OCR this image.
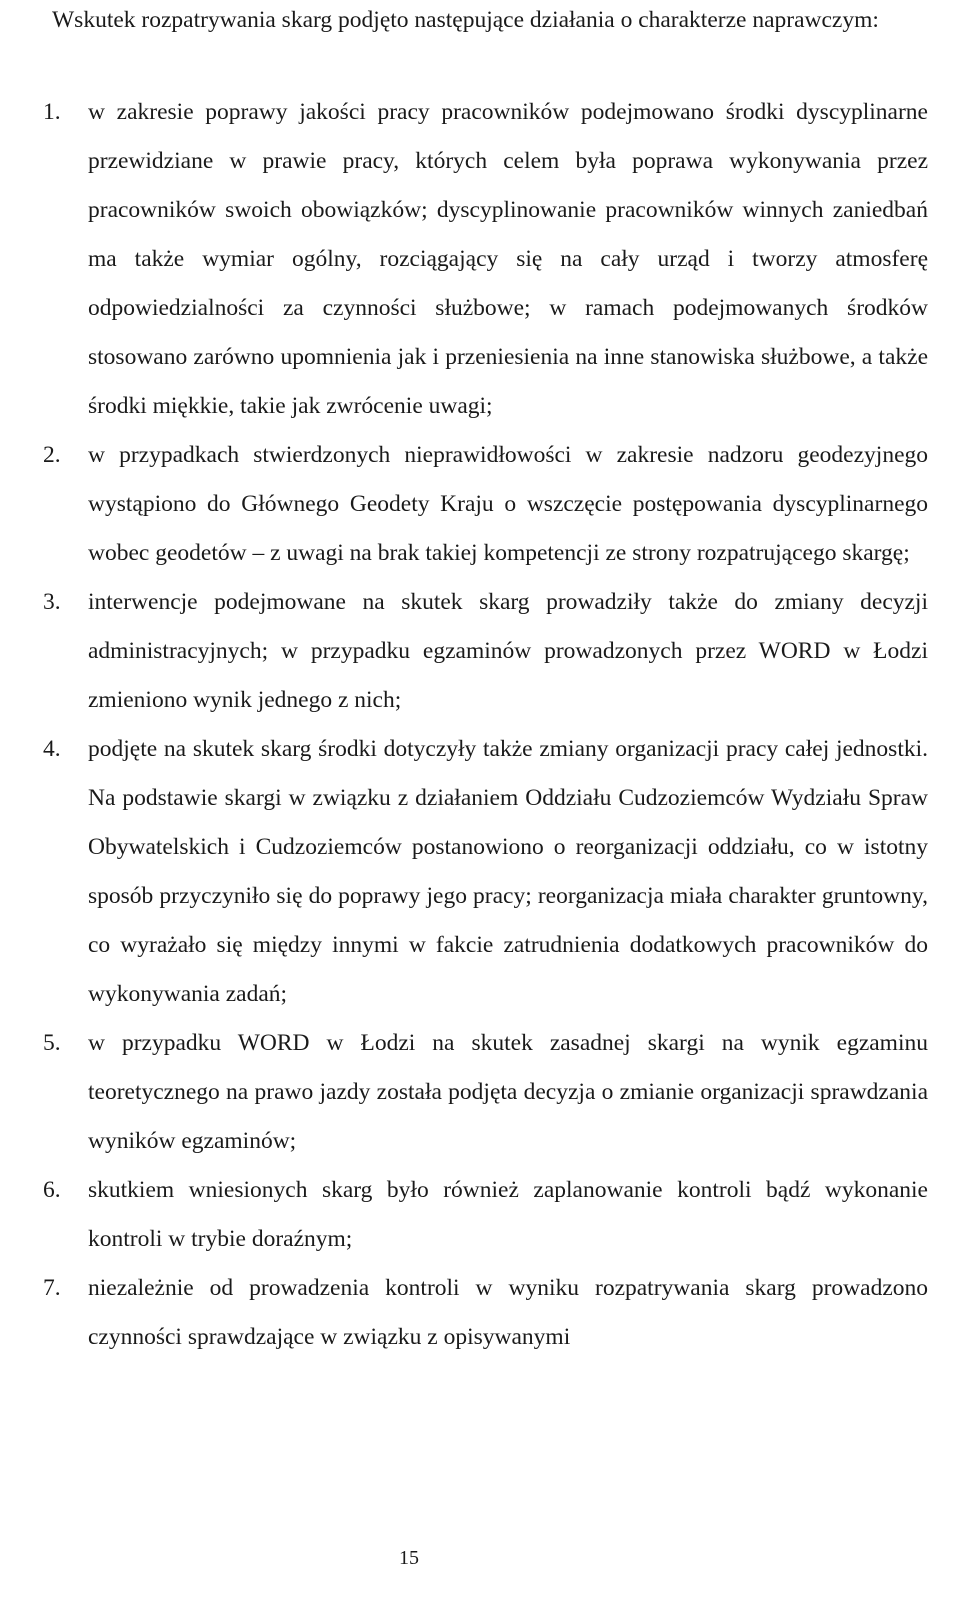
Wskutek rozpatrywania skarg podjęto następujące działania o charakterze naprawczym:

1. w zakresie poprawy jakości pracy pracowników podejmowano środki dyscyplinarne przewidziane w prawie pracy, których celem była poprawa wykonywania przez pracowników swoich obowiązków; dyscyplinowanie pracowników winnych zaniedbań ma także wymiar ogólny, rozciągający się na cały urząd i tworzy atmosferę odpowiedzialności za czynności służbowe; w ramach podejmowanych środków stosowano zarówno upomnienia jak i przeniesienia na inne stanowiska służbowe, a także środki miękkie, takie jak zwrócenie uwagi;
2. w przypadkach stwierdzonych nieprawidłowości w zakresie nadzoru geodezyjnego wystąpiono do Głównego Geodety Kraju o wszczęcie postępowania dyscyplinarnego wobec geodetów – z uwagi na brak takiej kompetencji ze strony rozpatrującego skargę;
3. interwencje podejmowane na skutek skarg prowadziły także do zmiany decyzji administracyjnych; w przypadku egzaminów prowadzonych przez WORD w Łodzi zmieniono wynik jednego z nich;
4. podjęte na skutek skarg środki dotyczyły także zmiany organizacji pracy całej jednostki. Na podstawie skargi w związku z działaniem Oddziału Cudzoziemców Wydziału Spraw Obywatelskich i Cudzoziemców postanowiono o reorganizacji oddziału, co w istotny sposób przyczyniło się do poprawy jego pracy; reorganizacja miała charakter gruntowny, co wyrażało się między innymi w fakcie zatrudnienia dodatkowych pracowników do wykonywania zadań;
5. w przypadku WORD w Łodzi na skutek zasadnej skargi na wynik egzaminu teoretycznego na prawo jazdy została podjęta decyzja o zmianie organizacji sprawdzania wyników egzaminów;
6. skutkiem wniesionych skarg było również zaplanowanie kontroli bądź wykonanie kontroli w trybie doraźnym;
7. niezależnie od prowadzenia kontroli w wyniku rozpatrywania skarg prowadzono czynności sprawdzające w związku z opisywanymi
15
